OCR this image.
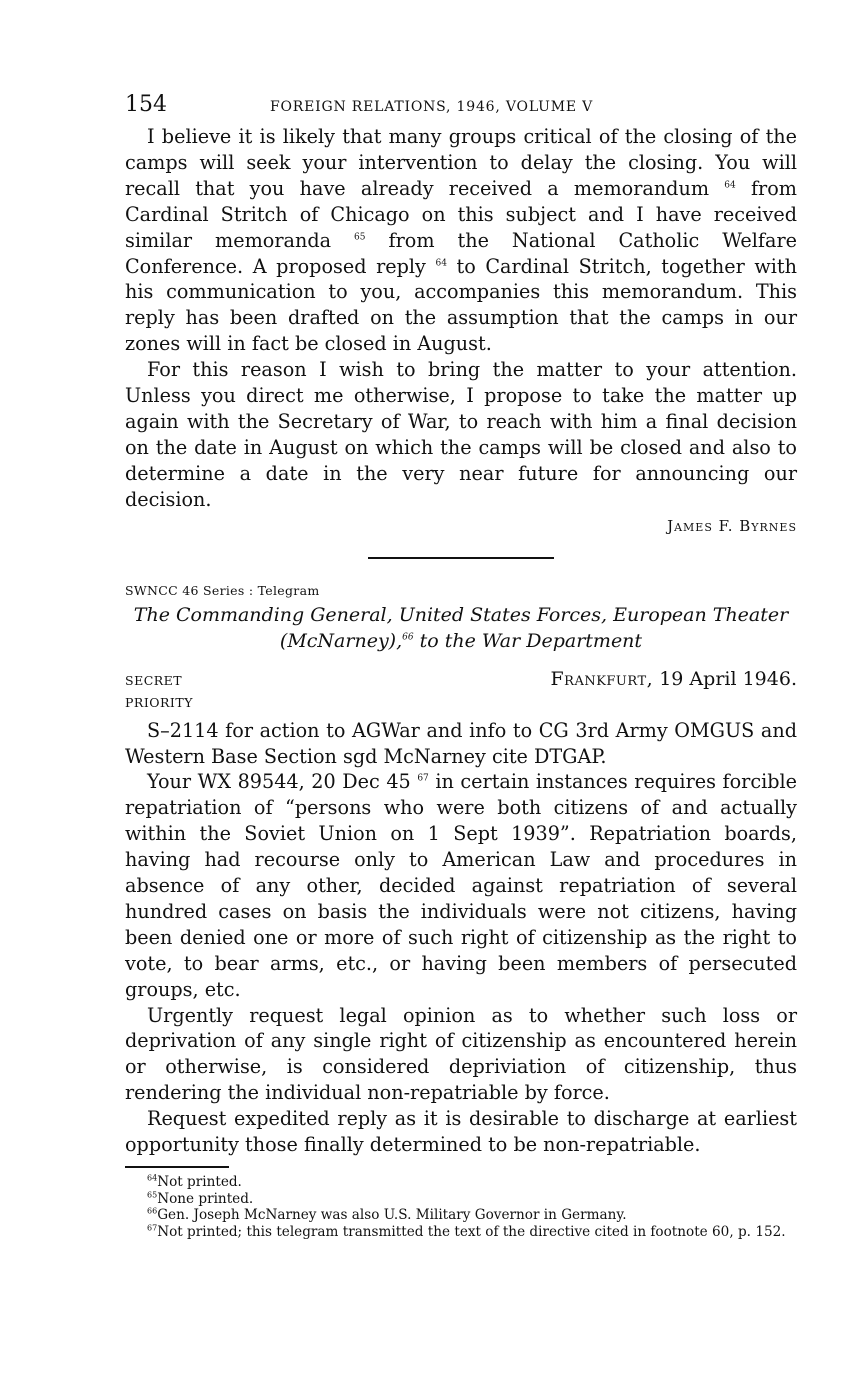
154	FOREIGN RELATIONS, 1946, VOLUME V

I believe it is likely that many groups critical of the closing of the camps will seek your intervention to delay the closing. You will recall that you have already received a memorandum $^{64}$ from Cardinal Stritch of Chicago on this subject and I have received similar memoranda	$^{65}$ from the National Catholic Welfare Conference. A proposed reply $^{64}$ to Cardinal Stritch, together with his communication to you, accompanies this memorandum. This reply has been drafted on the assumption that the camps in our zones will in fact be closed in August.

For this reason I wish to bring the matter to your attention. Unless you direct me otherwise, I propose to take the matter up again with the Secretary of War, to reach with him a final decision on the date in August on which the camps will be closed and also to determine a date in the very near future for announcing our decision.

James F. Byrnes
SWNCC 46 Series : Telegram
The Commanding General, United States Forces, European Theater (McNarney),$^{66}$ to the War Department
SECRET	Frankfurt, 19 April 1946.
PRIORITY

S–2114 for action to AGWar and info to CG 3rd Army OMGUS and Western Base Section sgd McNarney cite DTGAP.

Your WX 89544, 20 Dec 45 $^{67}$ in certain instances requires forcible repatriation of “persons who were both citizens of and actually within the Soviet Union on 1 Sept 1939”. Repatriation boards, having had recourse only to American Law and procedures in absence of any other, decided against repatriation of several hundred cases on basis the individuals were not citizens, having been denied one or more of such right of citizenship as the right to vote, to bear arms, etc., or having been members of persecuted groups, etc.

Urgently request legal opinion as to whether such loss or deprivation of any single right of citizenship as encountered herein or otherwise, is considered depriviation of citizenship, thus rendering the individual non-repatriable by force.

Request expedited reply as it is desirable to discharge at earliest opportunity those finally determined to be non-repatriable.

$^{64}$Not printed.

$^{65}$None printed.

$^{66}$Gen. Joseph McNarney was also U.S. Military Governor in Germany.

$^{67}$Not printed; this telegram transmitted the text of the directive cited in footnote 60, p. 152.
